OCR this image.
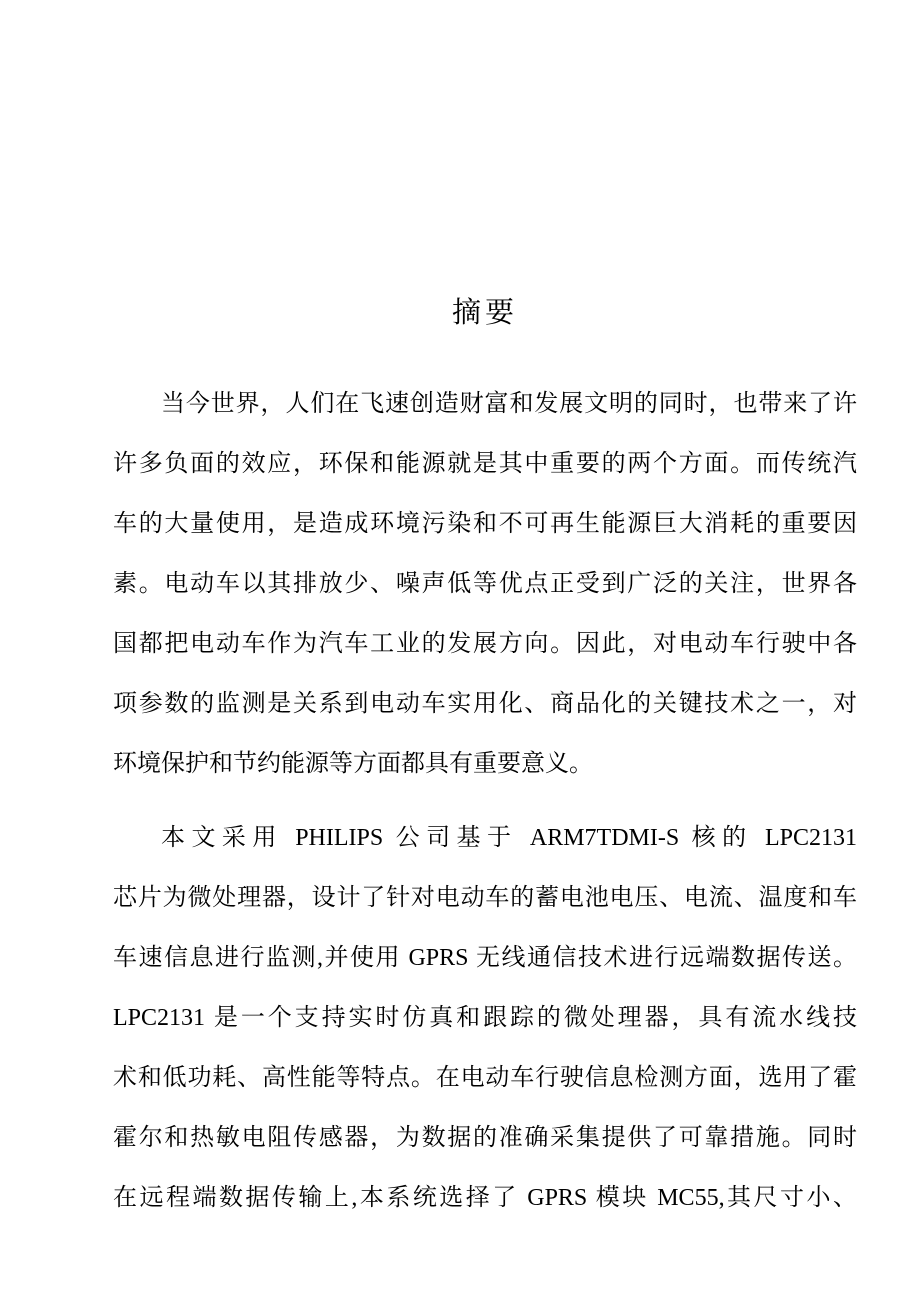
摘要
当今世界，人们在飞速创造财富和发展文明的同时，也带来了许
许多负面的效应，环保和能源就是其中重要的两个方面。而传统汽
车的大量使用，是造成环境污染和不可再生能源巨大消耗的重要因
素。电动车以其排放少、噪声低等优点正受到广泛的关注，世界各
国都把电动车作为汽车工业的发展方向。因此，对电动车行驶中各
项参数的监测是关系到电动车实用化、商品化的关键技术之一，对
环境保护和节约能源等方面都具有重要意义。
本文采用 PHILIPS 公司基于 ARM7TDMI-S 核的 LPC2131
芯片为微处理器，设计了针对电动车的蓄电池电压、电流、温度和车
车速信息进行监测,并使用 GPRS 无线通信技术进行远端数据传送。
LPC2131 是一个支持实时仿真和跟踪的微处理器，具有流水线技
术和低功耗、高性能等特点。在电动车行驶信息检测方面，选用了霍
霍尔和热敏电阻传感器，为数据的准确采集提供了可靠措施。同时
在远程端数据传输上,本系统选择了 GPRS 模块 MC55,其尺寸小、
